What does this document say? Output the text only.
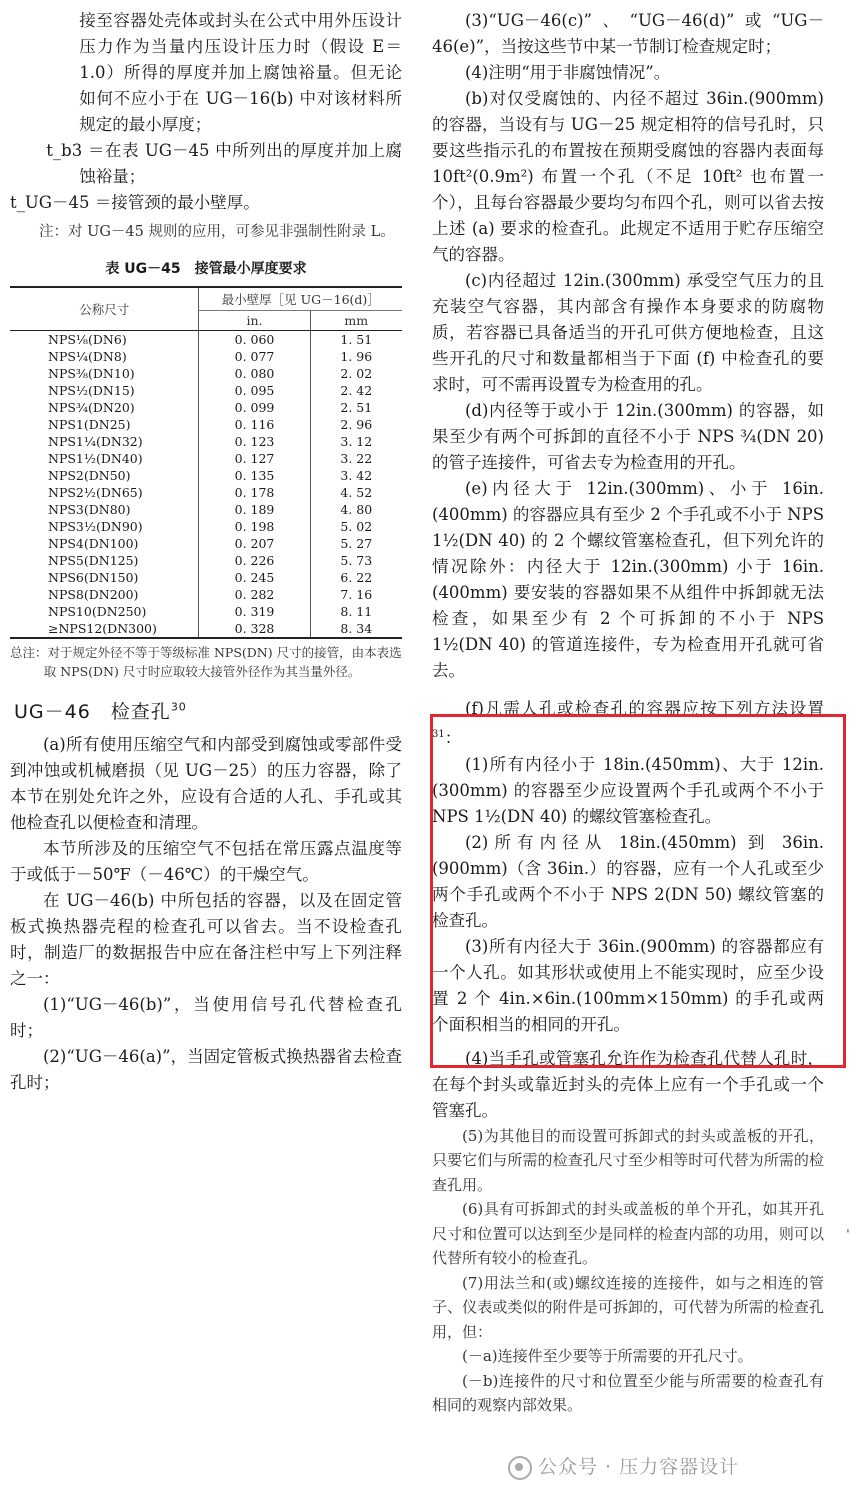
接至容器处壳体或封头在公式中用外压设计压力作为当量内压设计压力时（假设 E＝1.0）所得的厚度并加上腐蚀裕量。但无论如何不应小于在 UG－16(b) 中对该材料所规定的最小厚度；

t_b3 ＝在表 UG－45 中所列出的厚度并加上腐蚀裕量；

t_UG－45 ＝接管颈的最小壁厚。

注：对 UG－45 规则的应用，可参见非强制性附录 L。

表 UG－45　接管最小厚度要求
公称尺寸	最小壁厚［见 UG－16(d)］	
	in.	mm
NPS⅛(DN6)	0. 060	1. 51
NPS¼(DN8)	0. 077	1. 96
NPS⅜(DN10)	0. 080	2. 02
NPS½(DN15)	0. 095	2. 42
NPS¾(DN20)	0. 099	2. 51
NPS1(DN25)	0. 116	2. 96
NPS1¼(DN32)	0. 123	3. 12
NPS1½(DN40)	0. 127	3. 22
NPS2(DN50)	0. 135	3. 42
NPS2½(DN65)	0. 178	4. 52
NPS3(DN80)	0. 189	4. 80
NPS3½(DN90)	0. 198	5. 02
NPS4(DN100)	0. 207	5. 27
NPS5(DN125)	0. 226	5. 73
NPS6(DN150)	0. 245	6. 22
NPS8(DN200)	0. 282	7. 16
NPS10(DN250)	0. 319	8. 11
≥NPS12(DN300)	0. 328	8. 34
总注：对于规定外径不等于等级标准 NPS(DN) 尺寸的接管，由本表选取 NPS(DN) 尺寸时应取较大接管外径作为其当量外径。
UG－46　检查孔$^{30}$

(a)所有使用压缩空气和内部受到腐蚀或零部件受到冲蚀或机械磨损（见 UG－25）的压力容器，除了本节在别处允许之外，应设有合适的人孔、手孔或其他检查孔以便检查和清理。

本节所涉及的压缩空气不包括在常压露点温度等于或低于－50℉（－46℃）的干燥空气。

在 UG－46(b) 中所包括的容器，以及在固定管板式换热器壳程的检查孔可以省去。当不设检查孔时，制造厂的数据报告中应在备注栏中写上下列注释之一：

(1)“UG－46(b)”，当使用信号孔代替检查孔时；

(2)“UG－46(a)”，当固定管板式换热器省去检查孔时；

(3)“UG－46(c)”、“UG－46(d)”或“UG－46(e)”，当按这些节中某一节制订检查规定时；

(4)注明“用于非腐蚀情况”。

(b)对仅受腐蚀的、内径不超过 36in.(900mm) 的容器，当设有与 UG－25 规定相符的信号孔时，只要这些指示孔的布置按在预期受腐蚀的容器内表面每 10ft²(0.9m²) 布置一个孔（不足 10ft² 也布置一个），且每台容器最少要均匀布四个孔，则可以省去按上述 (a) 要求的检查孔。此规定不适用于贮存压缩空气的容器。

(c)内径超过 12in.(300mm) 承受空气压力的且充装空气容器，其内部含有操作本身要求的防腐物质，若容器已具备适当的开孔可供方便地检查，且这些开孔的尺寸和数量都相当于下面 (f) 中检查孔的要求时，可不需再设置专为检查用的孔。

(d)内径等于或小于 12in.(300mm) 的容器，如果至少有两个可拆卸的直径不小于 NPS ¾(DN 20) 的管子连接件，可省去专为检查用的开孔。

(e)内径大于 12in.(300mm)、小于 16in.(400mm) 的容器应具有至少 2 个手孔或不小于 NPS 1½(DN 40) 的 2 个螺纹管塞检查孔，但下列允许的情况除外：内径大于 12in.(300mm) 小于 16in.(400mm) 要安装的容器如果不从组件中拆卸就无法检查，如果至少有 2 个可拆卸的不小于 NPS 1½(DN 40) 的管道连接件，专为检查用开孔就可省去。

(f)凡需人孔或检查孔的容器应按下列方法设置$^{31}$：

(1)所有内径小于 18in.(450mm)、大于 12in.(300mm) 的容器至少应设置两个手孔或两个不小于 NPS 1½(DN 40) 的螺纹管塞检查孔。

(2)所有内径从 18in.(450mm) 到 36in.(900mm)（含 36in.）的容器，应有一个人孔或至少两个手孔或两个不小于 NPS 2(DN 50) 螺纹管塞的检查孔。

(3)所有内径大于 36in.(900mm) 的容器都应有一个人孔。如其形状或使用上不能实现时，应至少设置 2 个 4in.×6in.(100mm×150mm) 的手孔或两个面积相当的相同的开孔。

(4)当手孔或管塞孔允许作为检查孔代替人孔时，在每个封头或靠近封头的壳体上应有一个手孔或一个管塞孔。

(5)为其他目的而设置可拆卸式的封头或盖板的开孔，只要它们与所需的检查孔尺寸至少相等时可代替为所需的检查孔用。

(6)具有可拆卸式的封头或盖板的单个开孔，如其开孔尺寸和位置可以达到至少是同样的检查内部的功用，则可以代替所有较小的检查孔。

(7)用法兰和(或)螺纹连接的连接件，如与之相连的管子、仪表或类似的附件是可拆卸的，可代替为所需的检查孔用，但：

(－a)连接件至少要等于所需要的开孔尺寸。

(－b)连接件的尺寸和位置至少能与所需要的检查孔有相同的观察内部效果。

ˈ
公众号 · 压力容器设计
